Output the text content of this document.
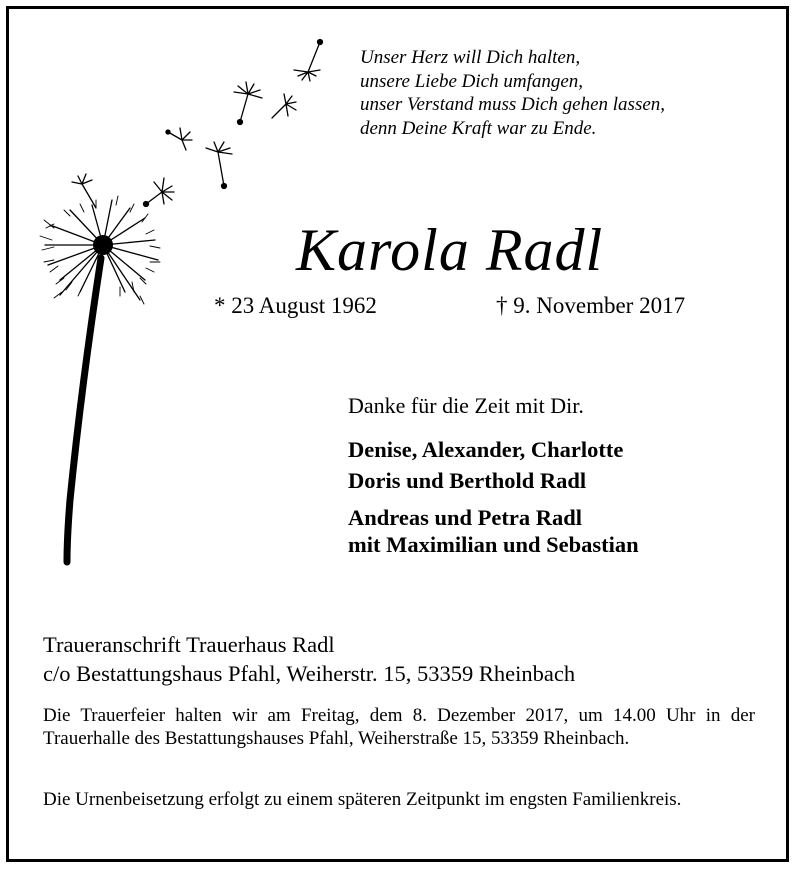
Unser Herz will Dich halten,
unsere Liebe Dich umfangen,
unser Verstand muss Dich gehen lassen,
denn Deine Kraft war zu Ende.
Karola Radl
* 23 August 1962	† 9. November 2017
Danke für die Zeit mit Dir.
Denise, Alexander, Charlotte
Doris und Berthold Radl
Andreas und Petra Radl
mit Maximilian und Sebastian
Traueranschrift Trauerhaus Radl
c/o Bestattungshaus Pfahl, Weiherstr. 15, 53359 Rheinbach
Die Trauerfeier halten wir am Freitag, dem 8. Dezember 2017, um 14.00 Uhr in der Trauerhalle des Bestattungshauses Pfahl, Weiherstraße 15, 53359 Rheinbach.
Die Urnenbeisetzung erfolgt zu einem späteren Zeitpunkt im engsten Familienkreis.
